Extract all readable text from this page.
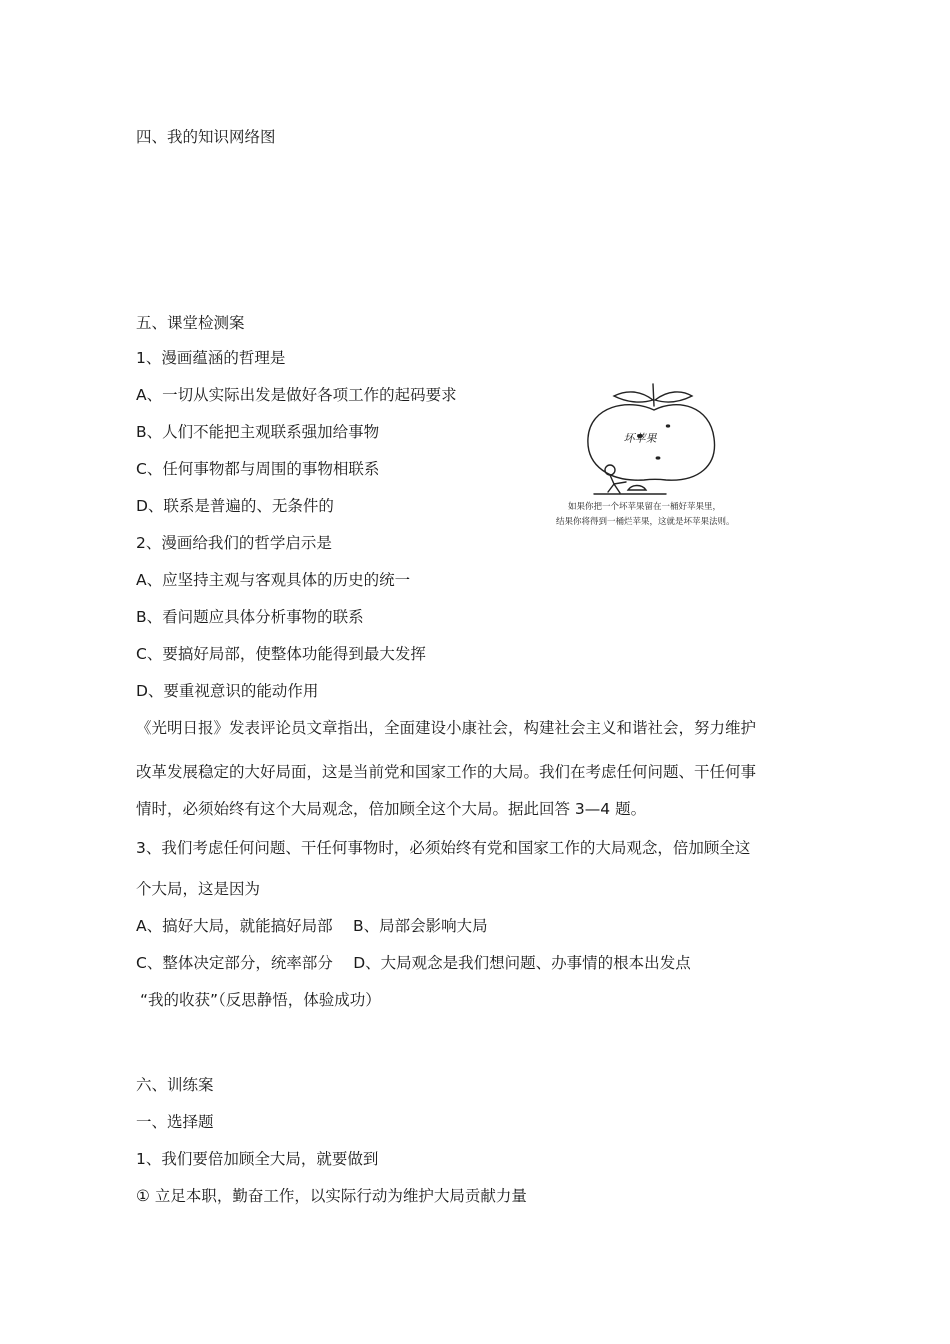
四、我的知识网络图
五、课堂检测案
1、漫画蕴涵的哲理是
A、一切从实际出发是做好各项工作的起码要求
B、人们不能把主观联系强加给事物
C、任何事物都与周围的事物相联系
D、联系是普遍的、无条件的
2、漫画给我们的哲学启示是
A、应坚持主观与客观具体的历史的统一
B、看问题应具体分析事物的联系
C、要搞好局部，使整体功能得到最大发挥
D、要重视意识的能动作用
《光明日报》发表评论员文章指出，全面建设小康社会，构建社会主义和谐社会，努力维护
改革发展稳定的大好局面，这是当前党和国家工作的大局。我们在考虑任何问题、干任何事
情时，必须始终有这个大局观念，倍加顾全这个大局。据此回答 3—4 题。
3、我们考虑任何问题、干任何事物时，必须始终有党和国家工作的大局观念，倍加顾全这
个大局，这是因为
A、搞好大局，就能搞好局部　 B、局部会影响大局
C、整体决定部分，统率部分　 D、大局观念是我们想问题、办事情的根本出发点
“我的收获”（反思静悟，体验成功）
六、训练案
一、选择题
1、我们要倍加顾全大局，就要做到
① 立足本职，勤奋工作，以实际行动为维护大局贡献力量
坏苹果
如果你把一个坏苹果留在一桶好苹果里，
结果你将得到一桶烂苹果，这就是坏苹果法则。
